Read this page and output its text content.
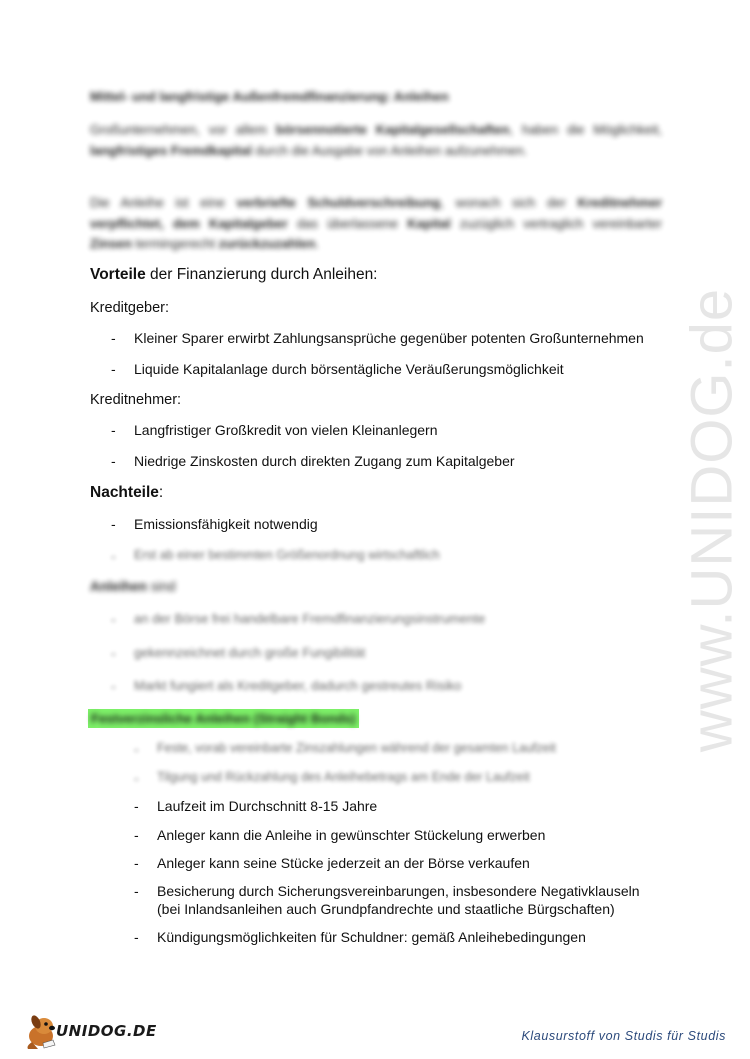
www.UNIDOG.de
Mittel- und langfristige Außenfremdfinanzierung: Anleihen
Großunternehmen, vor allem börsennotierte Kapitalgesellschaften, haben die Möglichkeit, langfristiges Fremdkapital durch die Ausgabe von Anleihen aufzunehmen.
Die Anleihe ist eine verbriefte Schuldverschreibung, wonach sich der Kreditnehmer verpflichtet, dem Kapitalgeber das überlassene Kapital zuzüglich vertraglich vereinbarter Zinsen termingerecht zurückzuzahlen.
Vorteile der Finanzierung durch Anleihen:
Kreditgeber:
- Kleiner Sparer erwirbt Zahlungsansprüche gegenüber potenten Großunternehmen
- Liquide Kapitalanlage durch börsentägliche Veräußerungsmöglichkeit
Kreditnehmer:
- Langfristiger Großkredit von vielen Kleinanlegern
- Niedrige Zinskosten durch direkten Zugang zum Kapitalgeber
Nachteile:
- Emissionsfähigkeit notwendig
- Erst ab einer bestimmten Größenordnung wirtschaftlich
Anleihen sind
- an der Börse frei handelbare Fremdfinanzierungsinstrumente
- gekennzeichnet durch große Fungibilität
- Markt fungiert als Kreditgeber, dadurch gestreutes Risiko
Festverzinsliche Anleihen (Straight Bonds)
- Feste, vorab vereinbarte Zinszahlungen während der gesamten Laufzeit
- Tilgung und Rückzahlung des Anleihebetrags am Ende der Laufzeit
- Laufzeit im Durchschnitt 8-15 Jahre
- Anleger kann die Anleihe in gewünschter Stückelung erwerben
- Anleger kann seine Stücke jederzeit an der Börse verkaufen
- Besicherung durch Sicherungsvereinbarungen, insbesondere Negativklauseln
(bei Inlandsanleihen auch Grundpfandrechte und staatliche Bürgschaften)
- Kündigungsmöglichkeiten für Schuldner: gemäß Anleihebedingungen
UNIDOG.DE	Klausurstoff von Studis für Studis
